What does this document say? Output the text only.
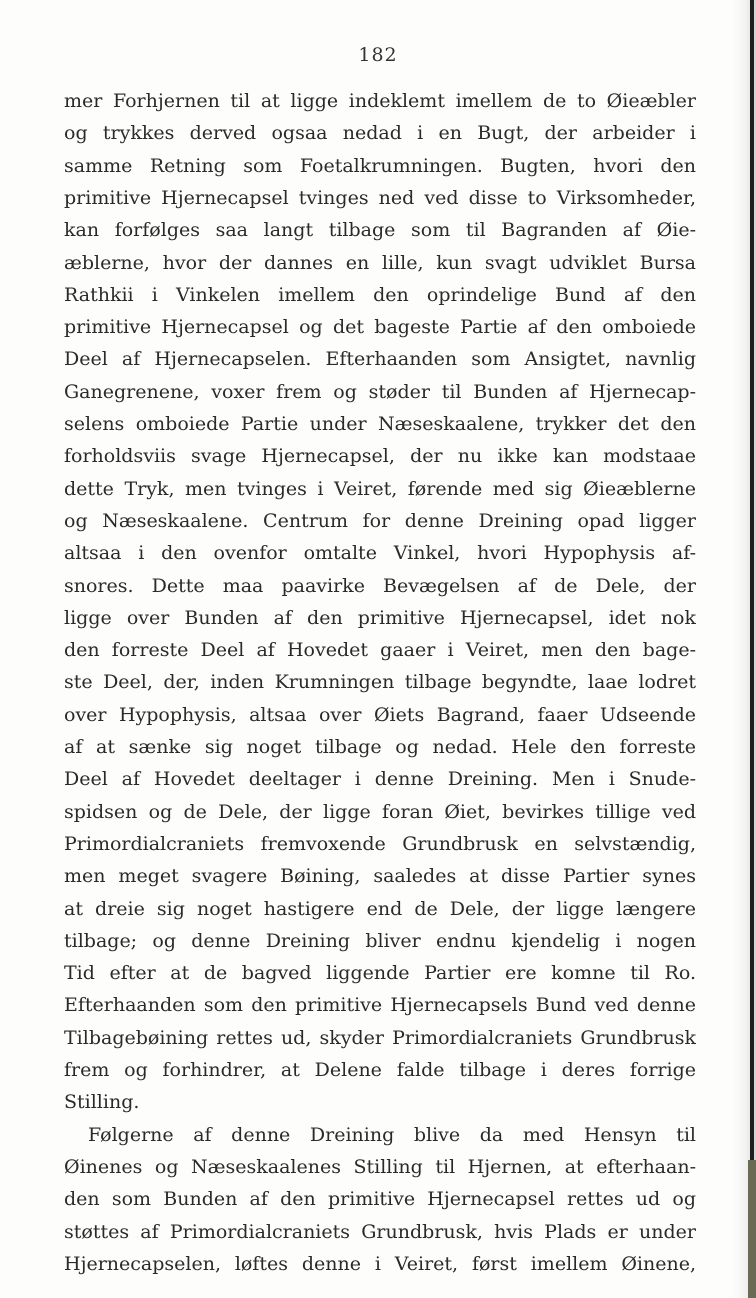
182
mer Forhjernen til at ligge indeklemt imellem de to Øieæbler
og trykkes derved ogsaa nedad i en Bugt, der arbeider i
samme Retning som Foetalkrumningen. Bugten, hvori den
primitive Hjernecapsel tvinges ned ved disse to Virksomheder,
kan forfølges saa langt tilbage som til Bagranden af Øie-
æblerne, hvor der dannes en lille, kun svagt udviklet Bursa
Rathkii i Vinkelen imellem den oprindelige Bund af den
primitive Hjernecapsel og det bageste Partie af den omboiede
Deel af Hjernecapselen. Efterhaanden som Ansigtet, navnlig
Ganegrenene, voxer frem og støder til Bunden af Hjernecap-
selens omboiede Partie under Næseskaalene, trykker det den
forholdsviis svage Hjernecapsel, der nu ikke kan modstaae
dette Tryk, men tvinges i Veiret, førende med sig Øieæblerne
og Næseskaalene. Centrum for denne Dreining opad ligger
altsaa i den ovenfor omtalte Vinkel, hvori Hypophysis af-
snores. Dette maa paavirke Bevægelsen af de Dele, der
ligge over Bunden af den primitive Hjernecapsel, idet nok
den forreste Deel af Hovedet gaaer i Veiret, men den bage-
ste Deel, der, inden Krumningen tilbage begyndte, laae lodret
over Hypophysis, altsaa over Øiets Bagrand, faaer Udseende
af at sænke sig noget tilbage og nedad. Hele den forreste
Deel af Hovedet deeltager i denne Dreining. Men i Snude-
spidsen og de Dele, der ligge foran Øiet, bevirkes tillige ved
Primordialcraniets fremvoxende Grundbrusk en selvstændig,
men meget svagere Bøining, saaledes at disse Partier synes
at dreie sig noget hastigere end de Dele, der ligge længere
tilbage; og denne Dreining bliver endnu kjendelig i nogen
Tid efter at de bagved liggende Partier ere komne til Ro.
Efterhaanden som den primitive Hjernecapsels Bund ved denne
Tilbagebøining rettes ud, skyder Primordialcraniets Grundbrusk
frem og forhindrer, at Delene falde tilbage i deres forrige
Stilling.
Følgerne af denne Dreining blive da med Hensyn til
Øinenes og Næseskaalenes Stilling til Hjernen, at efterhaan-
den som Bunden af den primitive Hjernecapsel rettes ud og
støttes af Primordialcraniets Grundbrusk, hvis Plads er under
Hjernecapselen, løftes denne i Veiret, først imellem Øinene,
